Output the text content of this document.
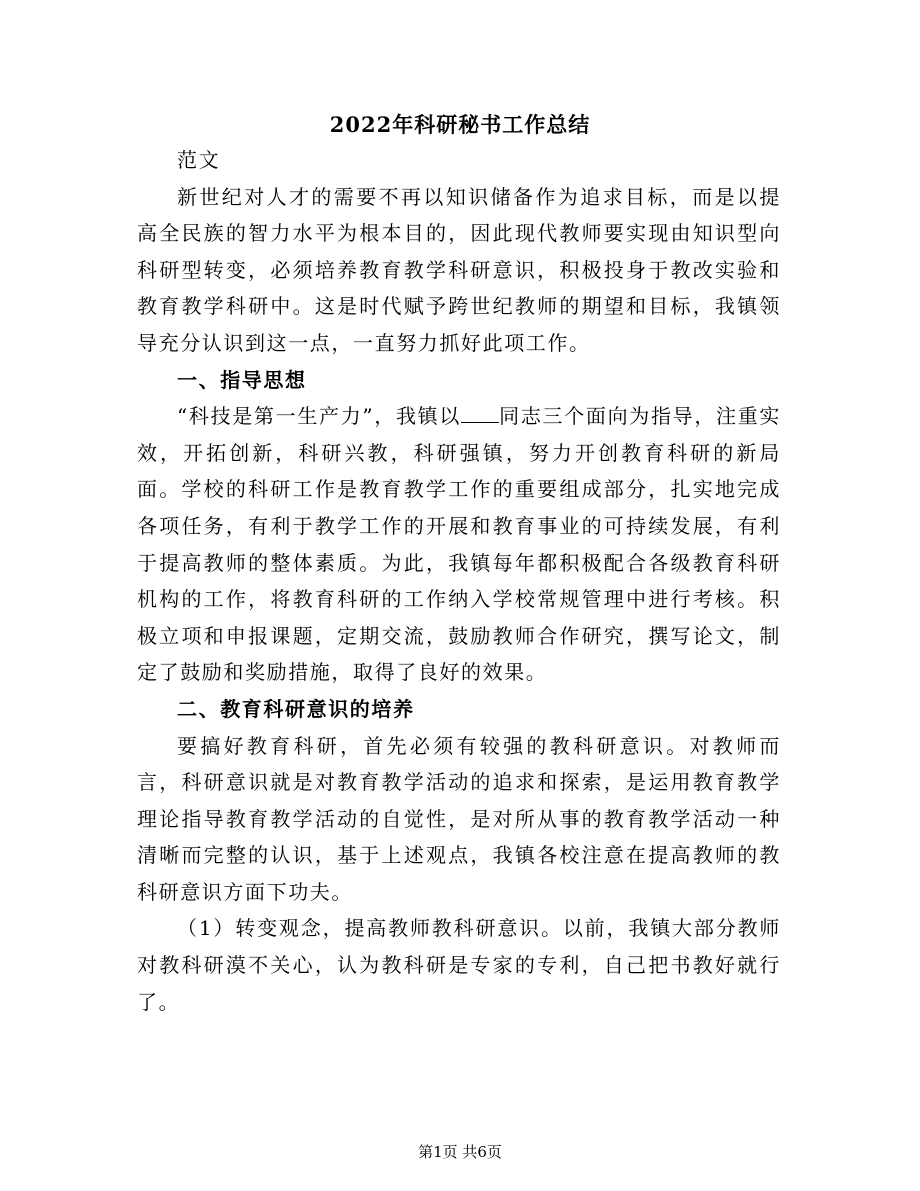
2022年科研秘书工作总结

范文

新世纪对人才的需要不再以知识储备作为追求目标，而是以提高全民族的智力水平为根本目的，因此现代教师要实现由知识型向科研型转变，必须培养教育教学科研意识，积极投身于教改实验和教育教学科研中。这是时代赋予跨世纪教师的期望和目标，我镇领导充分认识到这一点，一直努力抓好此项工作。

一、指导思想

“科技是第一生产力”，我镇以 同志三个面向为指导，注重实效，开拓创新，科研兴教，科研强镇，努力开创教育科研的新局面。学校的科研工作是教育教学工作的重要组成部分，扎实地完成各项任务，有利于教学工作的开展和教育事业的可持续发展，有利于提高教师的整体素质。为此，我镇每年都积极配合各级教育科研机构的工作，将教育科研的工作纳入学校常规管理中进行考核。积极立项和申报课题，定期交流，鼓励教师合作研究，撰写论文，制定了鼓励和奖励措施，取得了良好的效果。

二、教育科研意识的培养

要搞好教育科研，首先必须有较强的教科研意识。对教师而言，科研意识就是对教育教学活动的追求和探索，是运用教育教学理论指导教育教学活动的自觉性，是对所从事的教育教学活动一种清晰而完整的认识，基于上述观点，我镇各校注意在提高教师的教科研意识方面下功夫。

（1）转变观念，提高教师教科研意识。以前，我镇大部分教师对教科研漠不关心，认为教科研是专家的专利，自己把书教好就行了。

第1页 共6页
